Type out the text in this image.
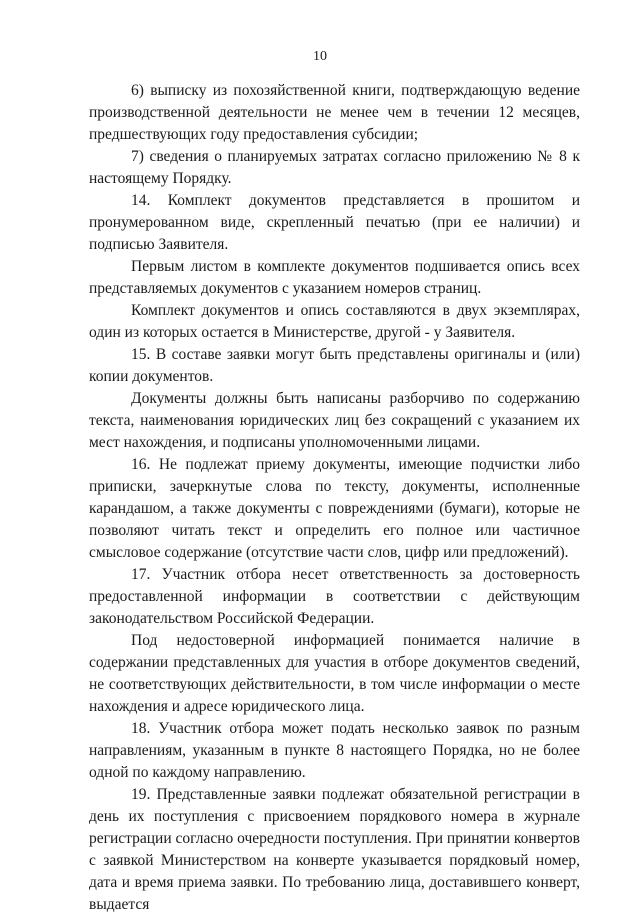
10

6) выписку из похозяйственной книги, подтверждающую ведение производственной деятельности не менее чем в течении 12 месяцев, предшествующих году предоставления субсидии;

7) сведения о планируемых затратах согласно приложению № 8 к настоящему Порядку.

14. Комплект документов представляется в прошитом и пронумерованном виде, скрепленный печатью (при ее наличии) и подписью Заявителя.

Первым листом в комплекте документов подшивается опись всех представляемых документов с указанием номеров страниц.

Комплект документов и опись составляются в двух экземплярах, один из которых остается в Министерстве, другой - у Заявителя.

15. В составе заявки могут быть представлены оригиналы и (или) копии документов.

Документы должны быть написаны разборчиво по содержанию текста, наименования юридических лиц без сокращений с указанием их мест нахождения, и подписаны уполномоченными лицами.

16. Не подлежат приему документы, имеющие подчистки либо приписки, зачеркнутые слова по тексту, документы, исполненные карандашом, а также документы с повреждениями (бумаги), которые не позволяют читать текст и определить его полное или частичное смысловое содержание (отсутствие части слов, цифр или предложений).

17. Участник отбора несет ответственность за достоверность предоставленной информации в соответствии с действующим законодательством Российской Федерации.

Под недостоверной информацией понимается наличие в содержании представленных для участия в отборе документов сведений, не соответствующих действительности, в том числе информации о месте нахождения и адресе юридического лица.

18. Участник отбора может подать несколько заявок по разным направлениям, указанным в пункте 8 настоящего Порядка, но не более одной по каждому направлению.

19. Представленные заявки подлежат обязательной регистрации в день их поступления с присвоением порядкового номера в журнале регистрации согласно очередности поступления. При принятии конвертов с заявкой Министерством на конверте указывается порядковый номер, дата и время приема заявки. По требованию лица, доставившего конверт, выдается
